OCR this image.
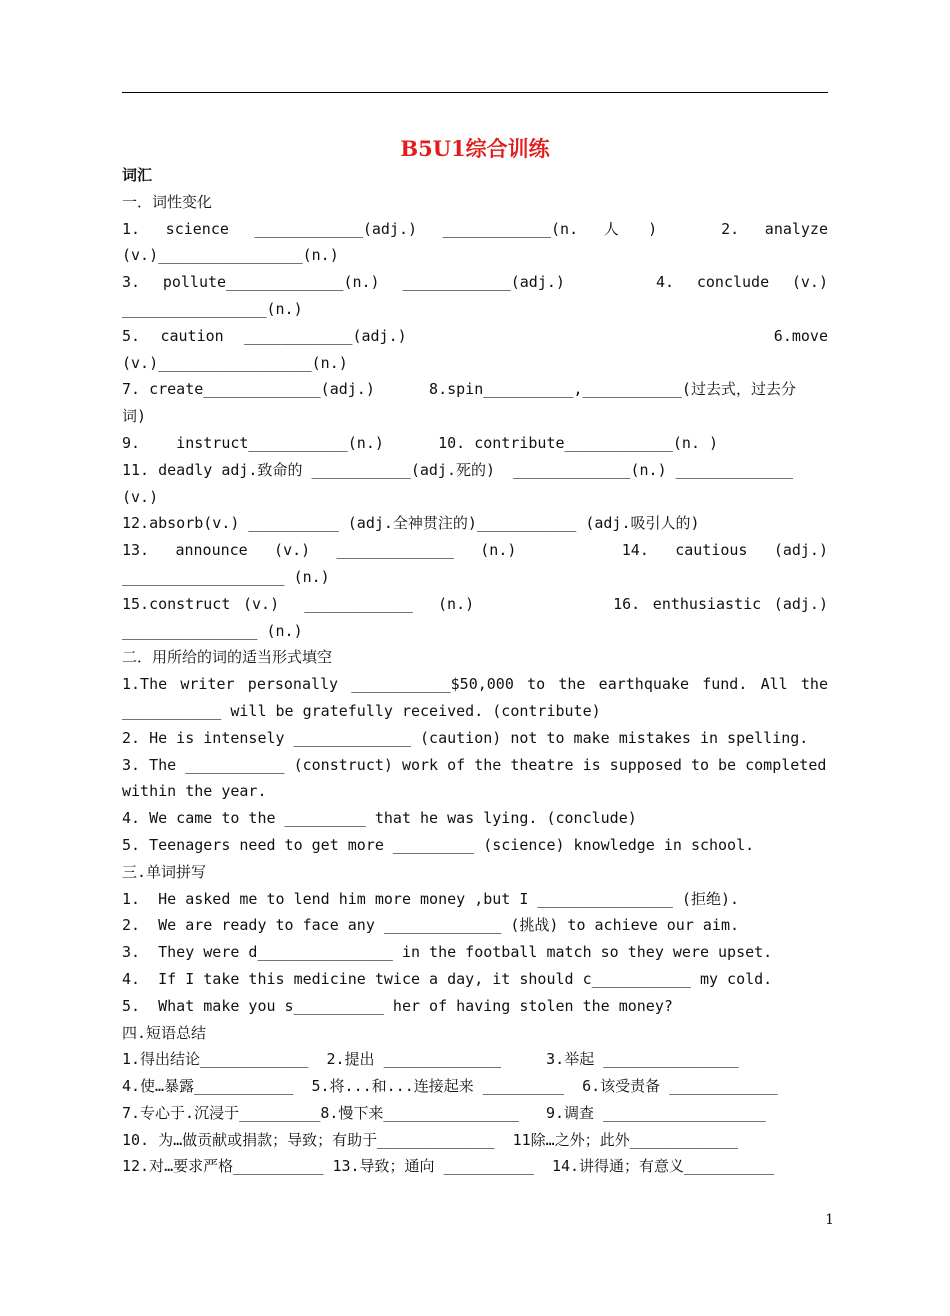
B5U1综合训练
词汇
一．词性变化
1.  science  ____________(adj.)  ____________(n.  人  )     2.  analyze
(v.)________________(n.)
3.  pollute_____________(n.)  ____________(adj.)        4.  conclude  (v.)
________________(n.)
5.  caution  ____________(adj.)                                    6.move
(v.)_________________(n.)
7. create_____________(adj.)      8.spin__________,___________(过去式，过去分
词)
9.    instruct___________(n.)      10. contribute____________(n. )
11. deadly adj.致命的 ___________(adj.死的)  _____________(n.) _____________
(v.)
12.absorb(v.) __________ (adj.全神贯注的)___________ (adj.吸引人的)
13.  announce  (v.)  _____________  (n.)        14.  cautious  (adj.)
__________________ (n.)
15.construct (v.)  ____________  (n.)           16. enthusiastic (adj.)
_______________ (n.)
二．用所给的词的适当形式填空
1.The writer personally ___________$50,000 to the earthquake fund. All the
___________ will be gratefully received. (contribute)
2. He is intensely _____________ (caution) not to make mistakes in spelling.
3. The ___________ (construct) work of the theatre is supposed to be completed
within the year.
4. We came to the _________ that he was lying. (conclude)
5. Teenagers need to get more _________ (science) knowledge in school.
三.单词拼写
1.  He asked me to lend him more money ,but I _______________ (拒绝).
2.  We are ready to face any _____________ (挑战) to achieve our aim.
3.  They were d_______________ in the football match so they were upset.
4.  If I take this medicine twice a day, it should c___________ my cold.
5.  What make you s__________ her of having stolen the money?
四.短语总结
1.得出结论____________  2.提出 _____________     3.举起 _______________
4.使…暴露___________  5.将...和...连接起来 _________  6.该受责备 ____________
7.专心于.沉浸于_________8.慢下来_______________   9.调查 __________________
10. 为…做贡献或捐款；导致；有助于_____________  11除…之外；此外____________
12.对…要求严格__________ 13.导致；通向 __________  14.讲得通；有意义__________
1
